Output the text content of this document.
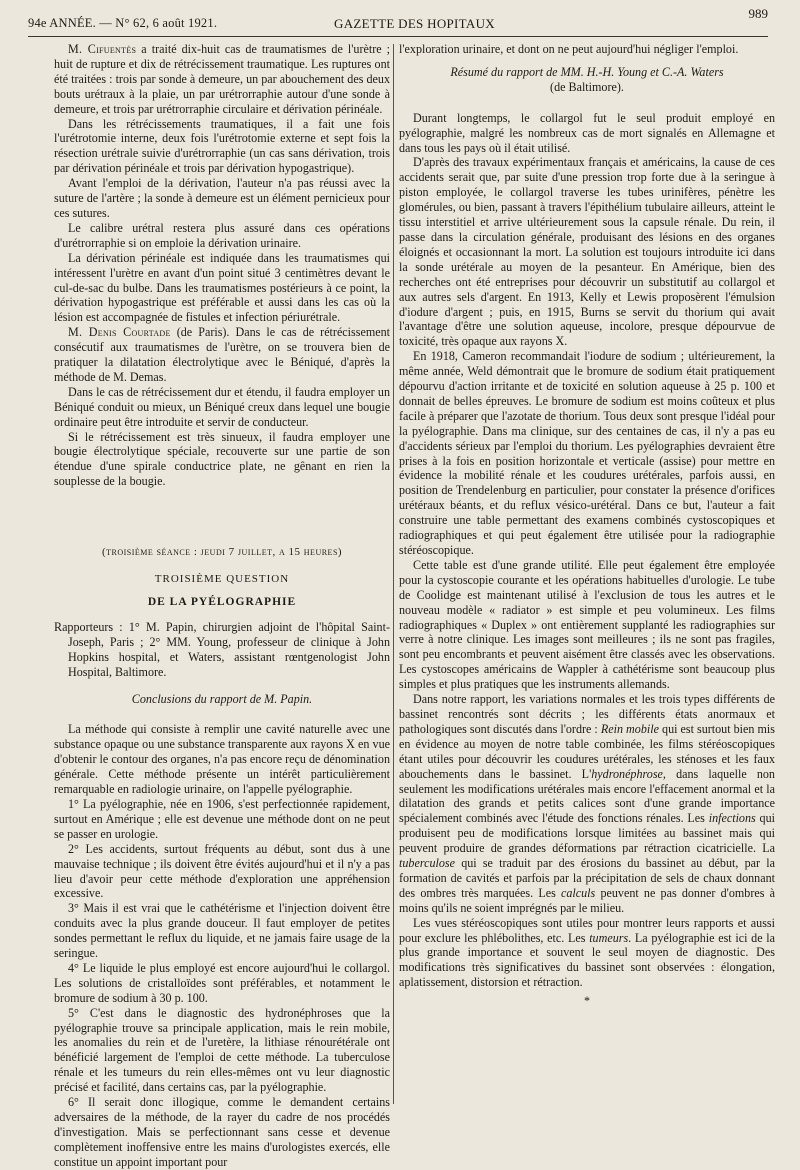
94e ANNÉE. — N° 62, 6 août 1921.	GAZETTE DES HOPITAUX
989

M. Cifuentès a traité dix-huit cas de traumatismes de l'urètre ; huit de rupture et dix de rétrécissement traumatique. Les ruptures ont été traitées : trois par sonde à demeure, un par abouchement des deux bouts urétraux à la plaie, un par urétrorraphie autour d'une sonde à demeure, et trois par urétrorraphie circulaire et dérivation périnéale.

Dans les rétrécissements traumatiques, il a fait une fois l'urétrotomie interne, deux fois l'urétrotomie externe et sept fois la résection urétrale suivie d'urétrorraphie (un cas sans dérivation, trois par dérivation périnéale et trois par dérivation hypogastrique).

Avant l'emploi de la dérivation, l'auteur n'a pas réussi avec la suture de l'artère ; la sonde à demeure est un élément pernicieux pour ces sutures.

Le calibre urétral restera plus assuré dans ces opérations d'urétrorraphie si on emploie la dérivation urinaire.

La dérivation périnéale est indiquée dans les traumatismes qui intéressent l'urètre en avant d'un point situé 3 centimètres devant le cul-de-sac du bulbe. Dans les traumatismes postérieurs à ce point, la dérivation hypogastrique est préférable et aussi dans les cas où la lésion est accompagnée de fistules et infection périurétrale.

M. Denis Courtade (de Paris). Dans le cas de rétrécissement consécutif aux traumatismes de l'urètre, on se trouvera bien de pratiquer la dilatation électrolytique avec le Béniqué, d'après la méthode de M. Demas.

Dans le cas de rétrécissement dur et étendu, il faudra employer un Béniqué conduit ou mieux, un Béniqué creux dans lequel une bougie ordinaire peut être introduite et servir de conducteur.

Si le rétrécissement est très sinueux, il faudra employer une bougie électrolytique spéciale, recouverte sur une partie de son étendue d'une spirale conductrice plate, ne gênant en rien la souplesse de la bougie.

(troisième séance : jeudi 7 juillet, a 15 heures)

TROISIÈME QUESTION

DE LA PYÉLOGRAPHIE

Rapporteurs : 1° M. Papin, chirurgien adjoint de l'hôpital Saint-Joseph, Paris ; 2° MM. Young, professeur de clinique à John Hopkins hospital, et Waters, assistant rœntgenologist John Hospital, Baltimore.

Conclusions du rapport de M. Papin.

La méthode qui consiste à remplir une cavité naturelle avec une substance opaque ou une substance transparente aux rayons X en vue d'obtenir le contour des organes, n'a pas encore reçu de dénomination générale. Cette méthode présente un intérêt particulièrement remarquable en radiologie urinaire, on l'appelle pyélographie.

1° La pyélographie, née en 1906, s'est perfectionnée rapidement, surtout en Amérique ; elle est devenue une méthode dont on ne peut se passer en urologie.

2° Les accidents, surtout fréquents au début, sont dus à une mauvaise technique ; ils doivent être évités aujourd'hui et il n'y a pas lieu d'avoir peur cette méthode d'exploration une appréhension excessive.

3° Mais il est vrai que le cathétérisme et l'injection doivent être conduits avec la plus grande douceur. Il faut employer de petites sondes permettant le reflux du liquide, et ne jamais faire usage de la seringue.

4° Le liquide le plus employé est encore aujourd'hui le collargol. Les solutions de cristalloïdes sont préférables, et notamment le bromure de sodium à 30 p. 100.

5° C'est dans le diagnostic des hydronéphroses que la pyélographie trouve sa principale application, mais le rein mobile, les anomalies du rein et de l'uretère, la lithiase rénourétérale ont bénéficié largement de l'emploi de cette méthode. La tuberculose rénale et les tumeurs du rein elles-mêmes ont vu leur diagnostic précisé et facilité, dans certains cas, par la pyélographie.

6° Il serait donc illogique, comme le demandent certains adversaires de la méthode, de la rayer du cadre de nos procédés d'investigation. Mais se perfectionnant sans cesse et devenue complètement inoffensive entre les mains d'urologistes exercés, elle constitue un appoint important pour

l'exploration urinaire, et dont on ne peut aujourd'hui négliger l'emploi.

Résumé du rapport de MM. H.-H. Young et C.-A. Waters

(de Baltimore).

Durant longtemps, le collargol fut le seul produit employé en pyélographie, malgré les nombreux cas de mort signalés en Allemagne et dans tous les pays où il était utilisé.

D'après des travaux expérimentaux français et américains, la cause de ces accidents serait que, par suite d'une pression trop forte due à la seringue à piston employée, le collargol traverse les tubes urinifères, pénètre les glomérules, ou bien, passant à travers l'épithélium tubulaire ailleurs, atteint le tissu interstitiel et arrive ultérieurement sous la capsule rénale. Du rein, il passe dans la circulation générale, produisant des lésions en des organes éloignés et occasionnant la mort. La solution est toujours introduite ici dans la sonde urétérale au moyen de la pesanteur. En Amérique, bien des recherches ont été entreprises pour découvrir un substitutif au collargol et aux autres sels d'argent. En 1913, Kelly et Lewis proposèrent l'émulsion d'iodure d'argent ; puis, en 1915, Burns se servit du thorium qui avait l'avantage d'être une solution aqueuse, incolore, presque dépourvue de toxicité, très opaque aux rayons X.

En 1918, Cameron recommandait l'iodure de sodium ; ultérieurement, la même année, Weld démontrait que le bromure de sodium était pratiquement dépourvu d'action irritante et de toxicité en solution aqueuse à 25 p. 100 et donnait de belles épreuves. Le bromure de sodium est moins coûteux et plus facile à préparer que l'azotate de thorium. Tous deux sont presque l'idéal pour la pyélographie. Dans ma clinique, sur des centaines de cas, il n'y a pas eu d'accidents sérieux par l'emploi du thorium. Les pyélographies devraient être prises à la fois en position horizontale et verticale (assise) pour mettre en évidence la mobilité rénale et les coudures urétérales, parfois aussi, en position de Trendelenburg en particulier, pour constater la présence d'orifices urétéraux béants, et du reflux vésico-urétéral. Dans ce but, l'auteur a fait construire une table permettant des examens combinés cystoscopiques et radiographiques et qui peut également être utilisée pour la radiographie stéréoscopique.

Cette table est d'une grande utilité. Elle peut également être employée pour la cystoscopie courante et les opérations habituelles d'urologie. Le tube de Coolidge est maintenant utilisé à l'exclusion de tous les autres et le nouveau modèle « radiator » est simple et peu volumineux. Les films radiographiques « Duplex » ont entièrement supplanté les radiographies sur verre à notre clinique. Les images sont meilleures ; ils ne sont pas fragiles, sont peu encombrants et peuvent aisément être classés avec les observations. Les cystoscopes américains de Wappler à cathétérisme sont beaucoup plus simples et plus pratiques que les instruments allemands.

Dans notre rapport, les variations normales et les trois types différents de bassinet rencontrés sont décrits ; les différents états anormaux et pathologiques sont discutés dans l'ordre : Rein mobile qui est surtout bien mis en évidence au moyen de notre table combinée, les films stéréoscopiques étant utiles pour découvrir les coudures urétérales, les sténoses et les faux abouchements dans le bassinet. L'hydronéphrose, dans laquelle non seulement les modifications urétérales mais encore l'effacement anormal et la dilatation des grands et petits calices sont d'une grande importance spécialement combinés avec l'étude des fonctions rénales. Les infections qui produisent peu de modifications lorsque limitées au bassinet mais qui peuvent produire de grandes déformations par rétraction cicatricielle. La tuberculose qui se traduit par des érosions du bassinet au début, par la formation de cavités et parfois par la précipitation de sels de chaux donnant des ombres très marquées. Les calculs peuvent ne pas donner d'ombres à moins qu'ils ne soient imprégnés par le milieu.

Les vues stéréoscopiques sont utiles pour montrer leurs rapports et aussi pour exclure les phlébolithes, etc. Les tumeurs. La pyélographie est ici de la plus grande importance et souvent le seul moyen de diagnostic. Des modifications très significatives du bassinet sont observées : élongation, aplatissement, distorsion et rétraction.

*
